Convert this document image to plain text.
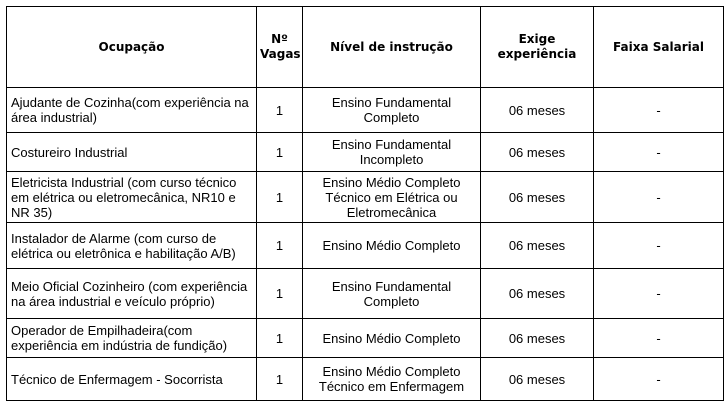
Ocupação	Nº Vagas	Nível de instrução	Exige experiência	Faixa Salarial
Ajudante de Cozinha(com experiência na área industrial)	1	Ensino Fundamental Completo	06 meses	-
Costureiro Industrial	1	Ensino Fundamental Incompleto	06 meses	-
Eletricista Industrial (com curso técnico em elétrica ou eletromecânica, NR10 e NR 35)	1	Ensino Médio Completo Técnico em Elétrica ou Eletromecânica	06 meses	-
Instalador de Alarme (com curso de elétrica ou eletrônica e habilitação A/B)	1	Ensino Médio Completo	06 meses	-
Meio Oficial Cozinheiro (com experiência na área industrial e veículo próprio)	1	Ensino Fundamental Completo	06 meses	-
Operador de Empilhadeira(com experiência em indústria de fundição)	1	Ensino Médio Completo	06 meses	-
Técnico de Enfermagem - Socorrista	1	Ensino Médio Completo Técnico em Enfermagem	06 meses	-
